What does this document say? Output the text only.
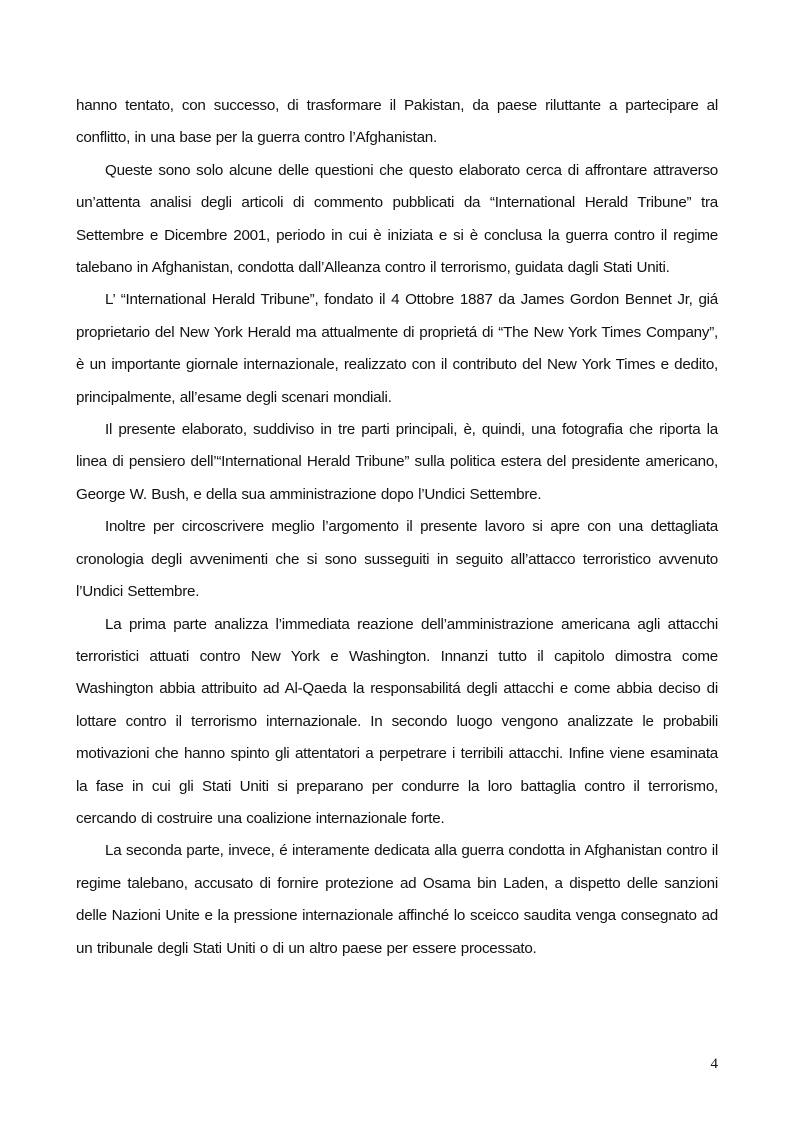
hanno tentato, con successo, di trasformare il Pakistan, da paese riluttante a partecipare al conflitto, in una base per la guerra contro l’Afghanistan.

Queste sono solo alcune delle questioni che questo elaborato cerca di affrontare attraverso un’attenta analisi degli articoli di commento pubblicati da “International Herald Tribune” tra Settembre e Dicembre 2001, periodo in cui è iniziata e si è conclusa la guerra contro il regime talebano in Afghanistan, condotta dall’Alleanza contro il terrorismo, guidata dagli Stati Uniti.

L’ “International Herald Tribune”, fondato il 4 Ottobre 1887 da James Gordon Bennet Jr, giá proprietario del New York Herald ma attualmente di proprietá di “The New York Times Company”, è un importante giornale internazionale, realizzato con il contributo del New York Times e dedito, principalmente, all’esame degli scenari mondiali.

Il presente elaborato, suddiviso in tre parti principali, è, quindi, una fotografia che riporta la linea di pensiero dell’“International Herald Tribune” sulla politica estera del presidente americano, George W. Bush, e della sua amministrazione dopo l’Undici Settembre.

Inoltre per circoscrivere meglio l’argomento il presente lavoro si apre con una dettagliata cronologia degli avvenimenti che si sono susseguiti in seguito all’attacco terroristico avvenuto l’Undici Settembre.

La prima parte analizza l’immediata reazione dell’amministrazione americana agli attacchi terroristici attuati contro New York e Washington. Innanzi tutto il capitolo dimostra come Washington abbia attribuito ad Al-Qaeda la responsabilitá degli attacchi e come abbia deciso di lottare contro il terrorismo internazionale. In secondo luogo vengono analizzate le probabili motivazioni che hanno spinto gli attentatori a perpetrare i terribili attacchi. Infine viene esaminata la fase in cui gli Stati Uniti si preparano per condurre la loro battaglia contro il terrorismo, cercando di costruire una coalizione internazionale forte.

La seconda parte, invece, é interamente dedicata alla guerra condotta in Afghanistan contro il regime talebano, accusato di fornire protezione ad Osama bin Laden, a dispetto delle sanzioni delle Nazioni Unite e la pressione internazionale affinché lo sceicco saudita venga consegnato ad un tribunale degli Stati Uniti o di un altro paese per essere processato.

4
